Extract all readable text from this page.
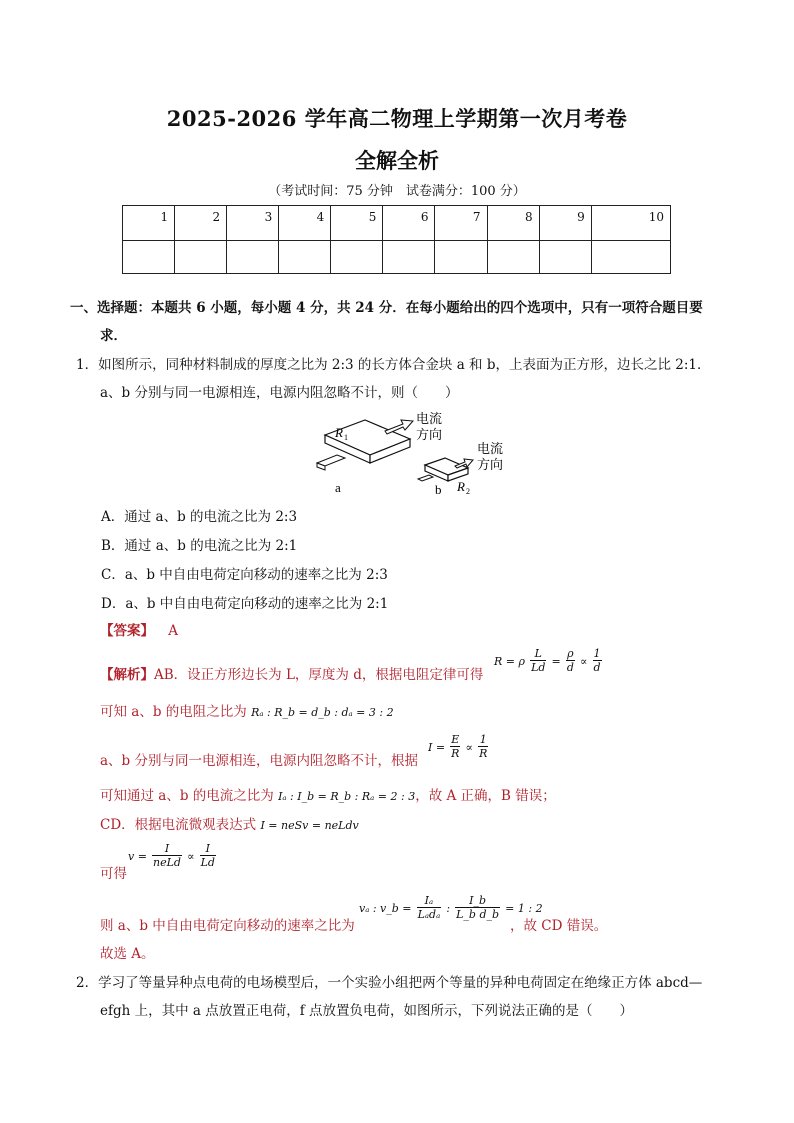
2025-2026 学年高二物理上学期第一次月考卷
全解全析
（考试时间：75 分钟　试卷满分：100 分）
1	2	3	4	5	6	7	8	9	10

一、选择题：本题共 6 小题，每小题 4 分，共 24 分．在每小题给出的四个选项中，只有一项符合题目要
求．
1．如图所示，同种材料制成的厚度之比为 2:3 的长方体合金块 a 和 b，上表面为正方形，边长之比 2:1．
a、b 分别与同一电源相连，电源内阻忽略不计，则（　　）
R 1
电流
方向
电流
方向
a	b R 2
A．通过 a、b 的电流之比为 2:3
B．通过 a、b 的电流之比为 2:1
C．a、b 中自由电荷定向移动的速率之比为 2:3
D．a、b 中自由电荷定向移动的速率之比为 2:1
【答案】 A
【解析】AB．设正方形边长为 L，厚度为 d，根据电阻定律可得
R = ρ $\frac{L}{Ld} = \frac{\rho}{d} \propto \frac{1}{d}$
可知 a、b 的电阻之比为 Rₐ : R_b = d_b : dₐ = 3 : 2
a、b 分别与同一电源相连，电源内阻忽略不计，根据
$I = \frac{E}{R} \propto \frac{1}{R}$
可知通过 a、b 的电流之比为 Iₐ : I_b = R_b : Rₐ = 2 : 3，故 A 正确，B 错误；
CD．根据电流微观表达式 I = neSv = neLdv
可得
$v = \frac{I}{\text{neLd}} \propto \frac{I}{Ld}$
则 a、b 中自由电荷定向移动的速率之比为
vₐ : v_b = $\frac{\text{Iₐ}}{\text{Lₐdₐ}}$ : $\frac{I\_b}{\text{L\_b d\_b}} = 1$ : 2
，故 CD 错误。
故选 A。
2．学习了等量异种点电荷的电场模型后，一个实验小组把两个等量的异种电荷固定在绝缘正方体 abcd—
efgh 上，其中 a 点放置正电荷，f 点放置负电荷，如图所示，下列说法正确的是（　　）
